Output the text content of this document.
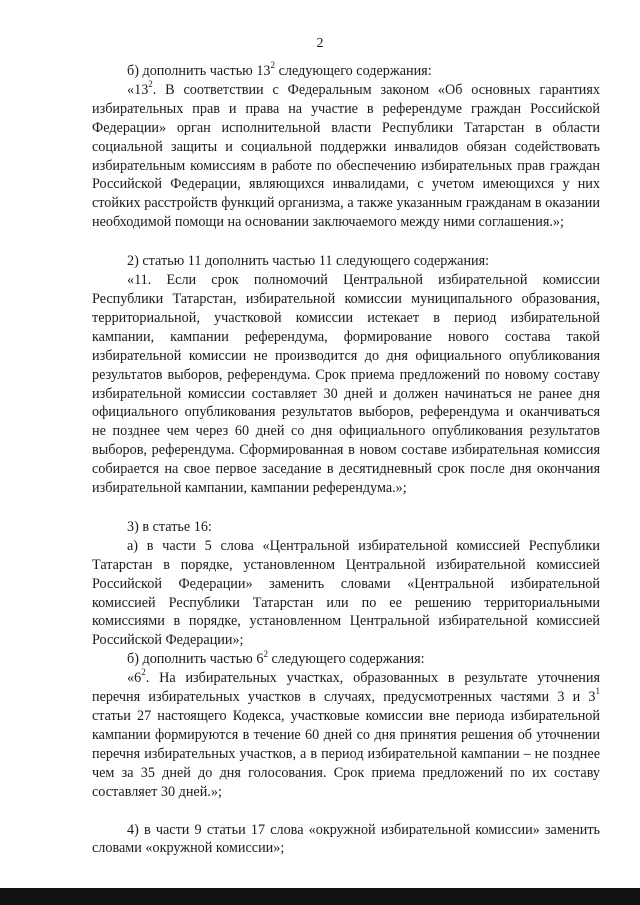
2

б) дополнить частью $13^2$ следующего содержания:

«$13^2$. В соответствии с Федеральным законом «Об основных гарантиях избирательных прав и права на участие в референдуме граждан Российской Федерации» орган исполнительной власти Республики Татарстан в области социальной защиты и социальной поддержки инвалидов обязан содействовать избирательным комиссиям в работе по обеспечению избирательных прав граждан Российской Федерации, являющихся инвалидами, с учетом имеющихся у них стойких расстройств функций организма, а также указанным гражданам в оказании необходимой помощи на основании заключаемого между ними соглашения.»;

2) статью 11 дополнить частью 11 следующего содержания:

«11. Если срок полномочий Центральной избирательной комиссии Республики Татарстан, избирательной комиссии муниципального образования, территориальной, участковой комиссии истекает в период избирательной кампании, кампании референдума, формирование нового состава такой избирательной комиссии не производится до дня официального опубликования результатов выборов, референдума. Срок приема предложений по новому составу избирательной комиссии составляет 30 дней и должен начинаться не ранее дня официального опубликования результатов выборов, референдума и оканчиваться не позднее чем через 60 дней со дня официального опубликования результатов выборов, референдума. Сформированная в новом составе избирательная комиссия собирается на свое первое заседание в десятидневный срок после дня окончания избирательной кампании, кампании референдума.»;

3) в статье 16:

а) в части 5 слова «Центральной избирательной комиссией Республики Татарстан в порядке, установленном Центральной избирательной комиссией Российской Федерации» заменить словами «Центральной избирательной комиссией Республики Татарстан или по ее решению территориальными комиссиями в порядке, установленном Центральной избирательной комиссией Российской Федерации»;

б) дополнить частью $6^2$ следующего содержания:

«$6^2$. На избирательных участках, образованных в результате уточнения перечня избирательных участков в случаях, предусмотренных частями 3 и $3^1$ статьи 27 настоящего Кодекса, участковые комиссии вне периода избирательной кампании формируются в течение 60 дней со дня принятия решения об уточнении перечня избирательных участков, а в период избирательной кампании – не позднее чем за 35 дней до дня голосования. Срок приема предложений по их составу составляет 30 дней.»;

4) в части 9 статьи 17 слова «окружной избирательной комиссии» заменить словами «окружной комиссии»;
